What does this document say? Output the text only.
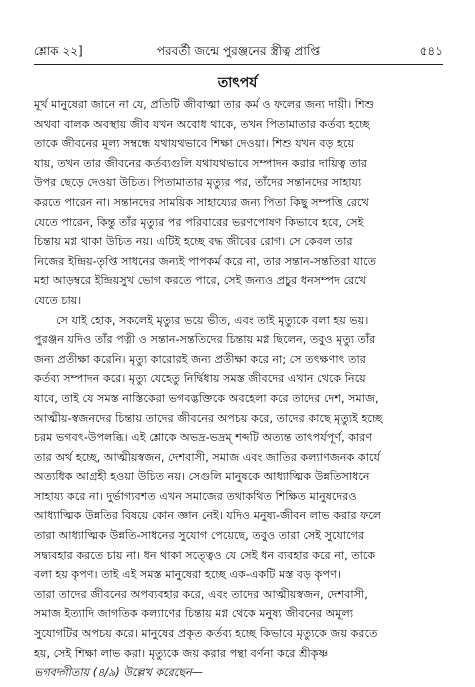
শ্লোক ২২]	পরবর্তী জন্মে পুরঞ্জনের স্ত্রীত্ব প্রাপ্তি	৫৪১
তাৎপর্য
মূর্খ মানুষেরা জানে না যে, প্রতিটি জীবাত্মা তার কর্ম ও ফলের জন্য দায়ী। শিশু
অথবা বালক অবস্থায় জীব যখন অবোধ থাকে, তখন পিতামাতার কর্তব্য হচ্ছে
তাকে জীবনের মূল্য সম্বন্ধে যথাযথভাবে শিক্ষা দেওয়া। শিশু যখন বড় হয়ে
যায়, তখন তার জীবনের কর্তব্যগুলি যথাযথভাবে সম্পাদন করার দায়িত্ব তার
উপর ছেড়ে দেওয়া উচিত। পিতামাতার মৃত্যুর পর, তাঁদের সন্তানদের সাহায্য
করতে পারেন না। সন্তানদের সাময়িক সাহায্যের জন্য পিতা কিছু সম্পত্তি রেখে
যেতে পারেন, কিন্তু তাঁর মৃত্যুর পর পরিবারের ভরণপোষণ কিভাবে হবে, সেই
চিন্তায় মগ্ন থাকা উচিত নয়। এটিই হচ্ছে বদ্ধ জীবের রোগ। সে কেবল তার
নিজের ইন্দ্রিয়-তৃপ্তি সাধনের জন্যই পাপকর্ম করে না, তার সন্তান-সন্ততিরা যাতে
মহা আড়ম্বরে ইন্দ্রিয়সুখ ভোগ করতে পারে, সেই জন্যও প্রচুর ধনসম্পদ রেখে
যেতে চায়।
সে যাই হোক, সকলেই মৃত্যুর ভয়ে ভীত, এবং তাই মৃত্যুকে বলা হয় ভয়।
পুরঞ্জন যদিও তাঁর পত্নী ও সন্তান-সন্ততিদের চিন্তায় মগ্ন ছিলেন, তবুও মৃত্যু তাঁর
জন্য প্রতীক্ষা করেনি। মৃত্যু কারোরই জন্য প্রতীক্ষা করে না; সে তৎক্ষণাৎ তার
কর্তব্য সম্পাদন করে। মৃত্যু যেহেতু নির্দ্বিধায় সমস্ত জীবদের এখান থেকে নিয়ে
যাবে, তাই যে সমস্ত নাস্তিকেরা ভগবদ্ভক্তিকে অবহেলা করে তাদের দেশ, সমাজ,
আত্মীয়-স্বজনদের চিন্তায় তাদের জীবনের অপচয় করে, তাদের কাছে মৃত্যুই হচ্ছে
চরম ভগবৎ-উপলব্ধি। এই শ্লোকে অভদ্র-ভদ্রম্ শব্দটি অত্যন্ত তাৎপর্যপূর্ণ, কারণ
তার অর্থ হচ্ছে, আত্মীয়স্বজন, দেশবাসী, সমাজ এবং জাতির কল্যাণজনক কার্যে
অত্যধিক আগ্রহী হওয়া উচিত নয়। সেগুলি মানুষকে আধ্যাত্মিক উন্নতিসাধনে
সাহায্য করে না। দুর্ভাগ্যবশত এখন সমাজের তথাকথিত শিক্ষিত মানুষদেরও
আধ্যাত্মিক উন্নতির বিষয়ে কোন জ্ঞান নেই। যদিও মনুষ্য-জীবন লাভ করার ফলে
তারা আধ্যাত্মিক উন্নতি-সাধনের সুযোগ পেয়েছে, তবুও তারা সেই সুযোগের
সদ্ব্যবহার করতে চায় না। ধন থাকা সত্ত্বেও যে সেই ধন ব্যবহার করে না, তাকে
বলা হয় কৃপণ। তাই এই সমস্ত মানুষেরা হচ্ছে এক-একটি মস্ত বড় কৃপণ।
তারা তাদের জীবনের অপব্যবহার করে, এবং তাদের আত্মীয়স্বজন, দেশবাসী,
সমাজ ইত্যাদি জাগতিক কল্যাণের চিন্তায় মগ্ন থেকে মনুষ্য জীবনের অমূল্য
সুযোগটির অপচয় করে। মানুষের প্রকৃত কর্তব্য হচ্ছে কিভাবে মৃত্যুকে জয় করতে
হয়, সেই শিক্ষা লাভ করা। মৃত্যুকে জয় করার পন্থা বর্ণনা করে শ্রীকৃষ্ণ
ভগবদ্গীতায় (৪/৯) উল্লেখ করেছেন—
